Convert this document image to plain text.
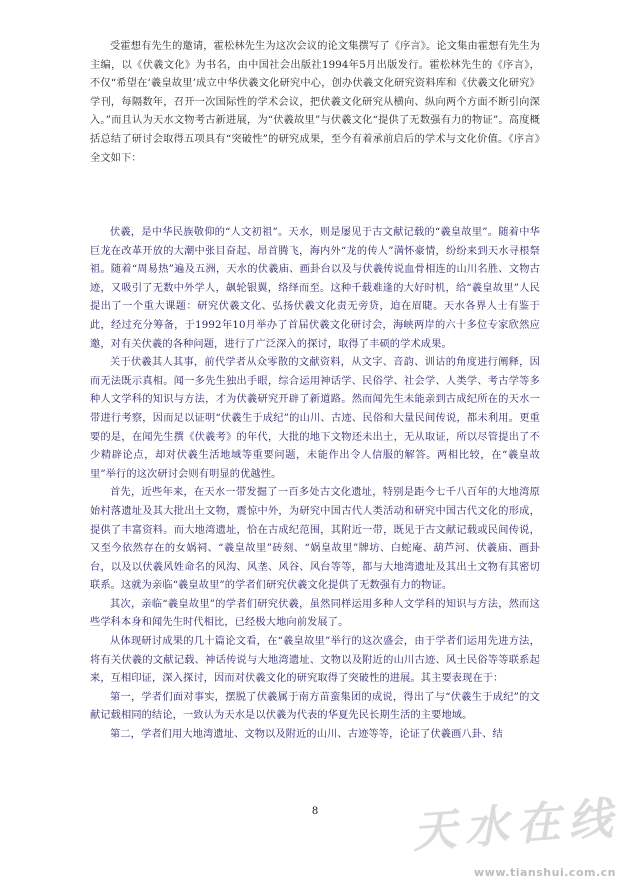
受霍想有先生的邀请，霍松林先生为这次会议的论文集撰写了《序言》。论文集由霍想有先生为主编，以《伏羲文化》为书名，由中国社会出版社1994年5月出版发行。霍松林先生的《序言》，不仅“希望在‘羲皇故里’成立中华伏羲文化研究中心，创办伏羲文化研究资料库和《伏羲文化研究》学刊，每隔数年，召开一次国际性的学术会议，把伏羲文化研究从横向、纵向两个方面不断引向深入。”而且认为天水文物考古新进展，为“伏羲故里”与伏羲文化“提供了无数强有力的物证”。高度概括总结了研讨会取得五项具有“突破性”的研究成果，至今有着承前启后的学术与文化价值。《序言》全文如下：

伏羲，是中华民族敬仰的“人文初祖”。天水，则是屡见于古文献记载的“羲皇故里”。随着中华巨龙在改革开放的大潮中张目奋起、昂首腾飞，海内外“龙的传人”满怀豪情，纷纷来到天水寻根祭祖。随着“周易热”遍及五洲，天水的伏羲庙、画卦台以及与伏羲传说血骨相连的山川名胜、文物古迹，又吸引了无数中外学人，飙轮银翼，络绎而至。这种千载难逢的大好时机，给“羲皇故里”人民提出了一个重大课题：研究伏羲文化、弘扬伏羲文化责无旁贷，迫在眉睫。天水各界人士有鉴于此，经过充分筹备，于1992年10月举办了首届伏羲文化研讨会，海峡两岸的六十多位专家欣然应邀，对有关伏羲的各种问题，进行了广泛深入的探讨，取得了丰硕的学术成果。

关于伏羲其人其事，前代学者从众零散的文献资料，从文字、音韵、训诂的角度进行阐释，因而无法既示真相。闻一多先生独出手眼，综合运用神话学、民俗学、社会学、人类学、考古学等多种人文学科的知识与方法，才为伏羲研究开辟了新道路。然而闻先生未能亲到古成纪所在的天水一带进行考察，因而足以证明“伏羲生于成纪”的山川、古迹、民俗和大量民间传说，都未利用。更重要的是，在闻先生撰《伏羲考》的年代，大批的地下文物还未出土，无从取证，所以尽管提出了不少精辟论点，却对伏羲生活地域等重要问题，未能作出令人信服的解答。两相比较，在“羲皇故里”举行的这次研讨会则有明显的优越性。

首先，近些年来，在天水一带发掘了一百多处古文化遗址，特别是距今七千八百年的大地湾原始村落遗址及其大批出土文物，震惊中外，为研究中国古代人类活动和研究中国古代文化的形成，提供了丰富资料。而大地湾遗址，恰在古成纪范围，其附近一带，既见于古文献记载或民间传说，又至今依然存在的女娲祠、“羲皇故里”砖刻、“娲皇故里”牌坊、白蛇庵、葫芦河、伏羲庙、画卦台，以及以伏羲风姓命名的风沟、风垄、风谷、风台等等，都与大地湾遗址及其出土文物有其密切联系。这就为亲临“羲皇故里”的学者们研究伏羲文化提供了无数强有力的物证。

其次，亲临“羲皇故里”的学者们研究伏羲，虽然同样运用多种人文学科的知识与方法，然而这些学科本身和闻先生时代相比，已经极大地向前发展了。

从体现研讨成果的几十篇论文看，在“羲皇故里”举行的这次盛会，由于学者们运用先进方法，将有关伏羲的文献记载、神话传说与大地湾遗址、文物以及附近的山川古迹、风土民俗等等联系起来，互相印证，深入探讨，因而对伏羲文化的研究取得了突破性的进展。其主要表现在于：

第一，学者们面对事实，摆脱了伏羲属于南方苗蛮集团的成说，得出了与“伏羲生于成纪”的文献记载相同的结论，一致认为天水是以伏羲为代表的华夏先民长期生活的主要地域。

第二，学者们用大地湾遗址、文物以及附近的山川、古迹等等，论证了伏羲画八卦、结

8	天水在线
www.tianshui.com.cn
